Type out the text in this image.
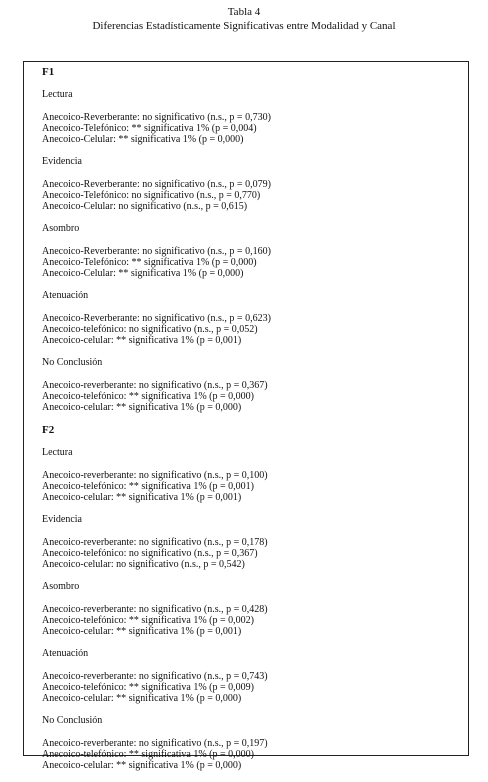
Tabla 4
Diferencias Estadísticamente Significativas entre Modalidad y Canal
F1
Lectura
Anecoico-Reverberante: no significativo (n.s., p = 0,730)
Anecoico-Telefónico: ** significativa 1% (p = 0,004)
Anecoico-Celular: ** significativa 1% (p = 0,000)
Evidencia
Anecoico-Reverberante: no significativo (n.s., p = 0,079)
Anecoico-Telefónico: no significativo (n.s., p = 0,770)
Anecoico-Celular: no significativo (n.s., p = 0,615)
Asombro
Anecoico-Reverberante: no significativo (n.s., p = 0,160)
Anecoico-Telefónico: ** significativa 1% (p = 0,000)
Anecoico-Celular: ** significativa 1% (p = 0,000)
Atenuación
Anecoico-Reverberante: no significativo (n.s., p = 0,623)
Anecoico-telefónico: no significativo (n.s., p = 0,052)
Anecoico-celular: ** significativa 1% (p = 0,001)
No Conclusión
Anecoico-reverberante: no significativo (n.s., p = 0,367)
Anecoico-telefónico: ** significativa 1% (p = 0,000)
Anecoico-celular: ** significativa 1% (p = 0,000)
F2
Lectura
Anecoico-reverberante: no significativo (n.s., p = 0,100)
Anecoico-telefónico: ** significativa 1% (p = 0,001)
Anecoico-celular: ** significativa 1% (p = 0,001)
Evidencia
Anecoico-reverberante: no significativo (n.s., p = 0,178)
Anecoico-telefónico: no significativo (n.s., p = 0,367)
Anecoico-celular: no significativo (n.s., p = 0,542)
Asombro
Anecoico-reverberante: no significativo (n.s., p = 0,428)
Anecoico-telefónico: ** significativa 1% (p = 0,002)
Anecoico-celular: ** significativa 1% (p = 0,001)
Atenuación
Anecoico-reverberante: no significativo (n.s., p = 0,743)
Anecoico-telefónico: ** significativa 1% (p = 0,009)
Anecoico-celular: ** significativa 1% (p = 0,000)
No Conclusión
Anecoico-reverberante: no significativo (n.s., p = 0,197)
Anecoico-telefónico: ** significativa 1% (p = 0,000)
Anecoico-celular: ** significativa 1% (p = 0,000)
